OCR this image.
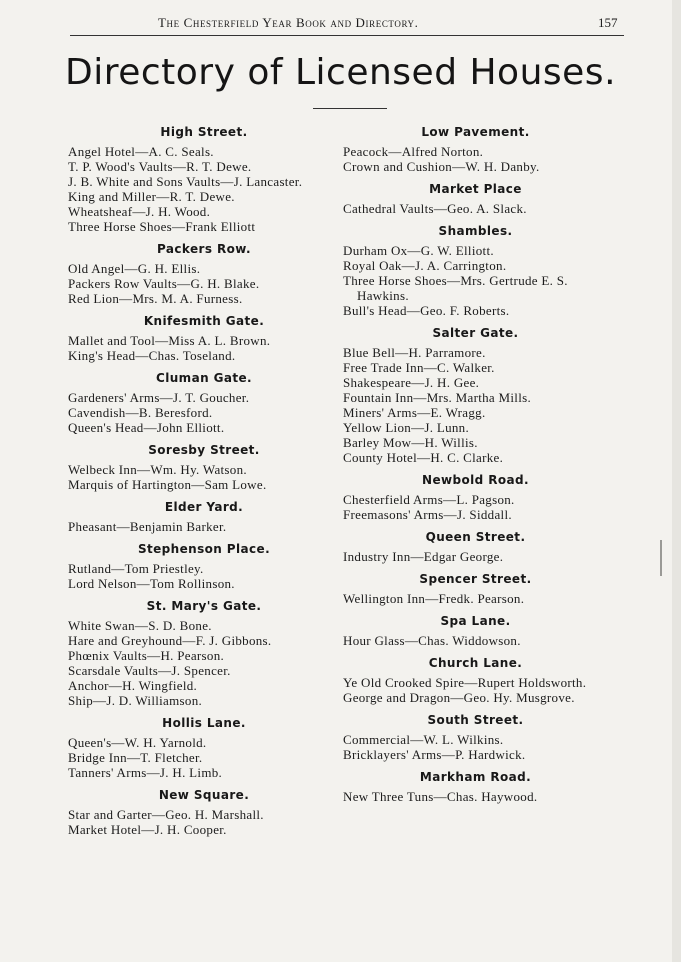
The Chesterfield Year Book and Directory.	157
Directory of Licensed Houses.
High Street.
Angel Hotel—A. C. Seals.
T. P. Wood's Vaults—R. T. Dewe.
J. B. White and Sons Vaults—J. Lancaster.
King and Miller—R. T. Dewe.
Wheatsheaf—J. H. Wood.
Three Horse Shoes—Frank Elliott
Packers Row.
Old Angel—G. H. Ellis.
Packers Row Vaults—G. H. Blake.
Red Lion—Mrs. M. A. Furness.
Knifesmith Gate.
Mallet and Tool—Miss A. L. Brown.
King's Head—Chas. Toseland.
Cluman Gate.
Gardeners' Arms—J. T. Goucher.
Cavendish—B. Beresford.
Queen's Head—John Elliott.
Soresby Street.
Welbeck Inn—Wm. Hy. Watson.
Marquis of Hartington—Sam Lowe.
Elder Yard.
Pheasant—Benjamin Barker.
Stephenson Place.
Rutland—Tom Priestley.
Lord Nelson—Tom Rollinson.
St. Mary's Gate.
White Swan—S. D. Bone.
Hare and Greyhound—F. J. Gibbons.
Phœnix Vaults—H. Pearson.
Scarsdale Vaults—J. Spencer.
Anchor—H. Wingfield.
Ship—J. D. Williamson.
Hollis Lane.
Queen's—W. H. Yarnold.
Bridge Inn—T. Fletcher.
Tanners' Arms—J. H. Limb.
New Square.
Star and Garter—Geo. H. Marshall.
Market Hotel—J. H. Cooper.
Low Pavement.
Peacock—Alfred Norton.
Crown and Cushion—W. H. Danby.
Market Place
Cathedral Vaults—Geo. A. Slack.
Shambles.
Durham Ox—G. W. Elliott.
Royal Oak—J. A. Carrington.
Three Horse Shoes—Mrs. Gertrude E. S. Hawkins.
Bull's Head—Geo. F. Roberts.
Salter Gate.
Blue Bell—H. Parramore.
Free Trade Inn—C. Walker.
Shakespeare—J. H. Gee.
Fountain Inn—Mrs. Martha Mills.
Miners' Arms—E. Wragg.
Yellow Lion—J. Lunn.
Barley Mow—H. Willis.
County Hotel—H. C. Clarke.
Newbold Road.
Chesterfield Arms—L. Pagson.
Freemasons' Arms—J. Siddall.
Queen Street.
Industry Inn—Edgar George.
Spencer Street.
Wellington Inn—Fredk. Pearson.
Spa Lane.
Hour Glass—Chas. Widdowson.
Church Lane.
Ye Old Crooked Spire—Rupert Holdsworth.
George and Dragon—Geo. Hy. Musgrove.
South Street.
Commercial—W. L. Wilkins.
Bricklayers' Arms—P. Hardwick.
Markham Road.
New Three Tuns—Chas. Haywood.
